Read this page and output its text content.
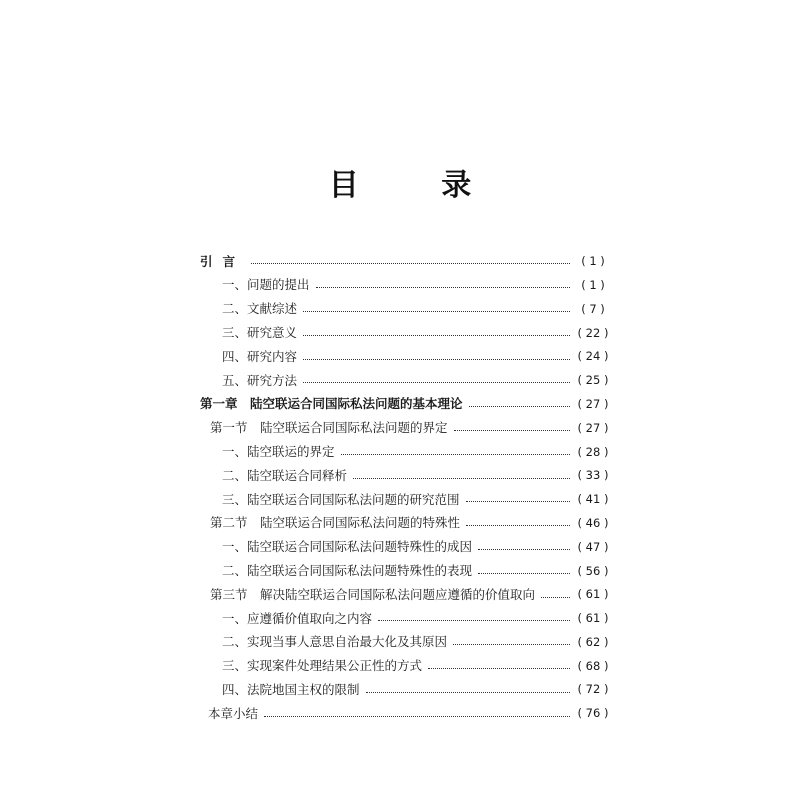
目 录
引言	( 1 )
一、问题的提出	( 1 )
二、文献综述	( 7 )
三、研究意义	( 22 )
四、研究内容	( 24 )
五、研究方法	( 25 )
第一章　陆空联运合同国际私法问题的基本理论	( 27 )
第一节　陆空联运合同国际私法问题的界定	( 27 )
一、陆空联运的界定	( 28 )
二、陆空联运合同释析	( 33 )
三、陆空联运合同国际私法问题的研究范围	( 41 )
第二节　陆空联运合同国际私法问题的特殊性	( 46 )
一、陆空联运合同国际私法问题特殊性的成因	( 47 )
二、陆空联运合同国际私法问题特殊性的表现	( 56 )
第三节　解决陆空联运合同国际私法问题应遵循的价值取向	( 61 )
一、应遵循价值取向之内容	( 61 )
二、实现当事人意思自治最大化及其原因	( 62 )
三、实现案件处理结果公正性的方式	( 68 )
四、法院地国主权的限制	( 72 )
本章小结	( 76 )
